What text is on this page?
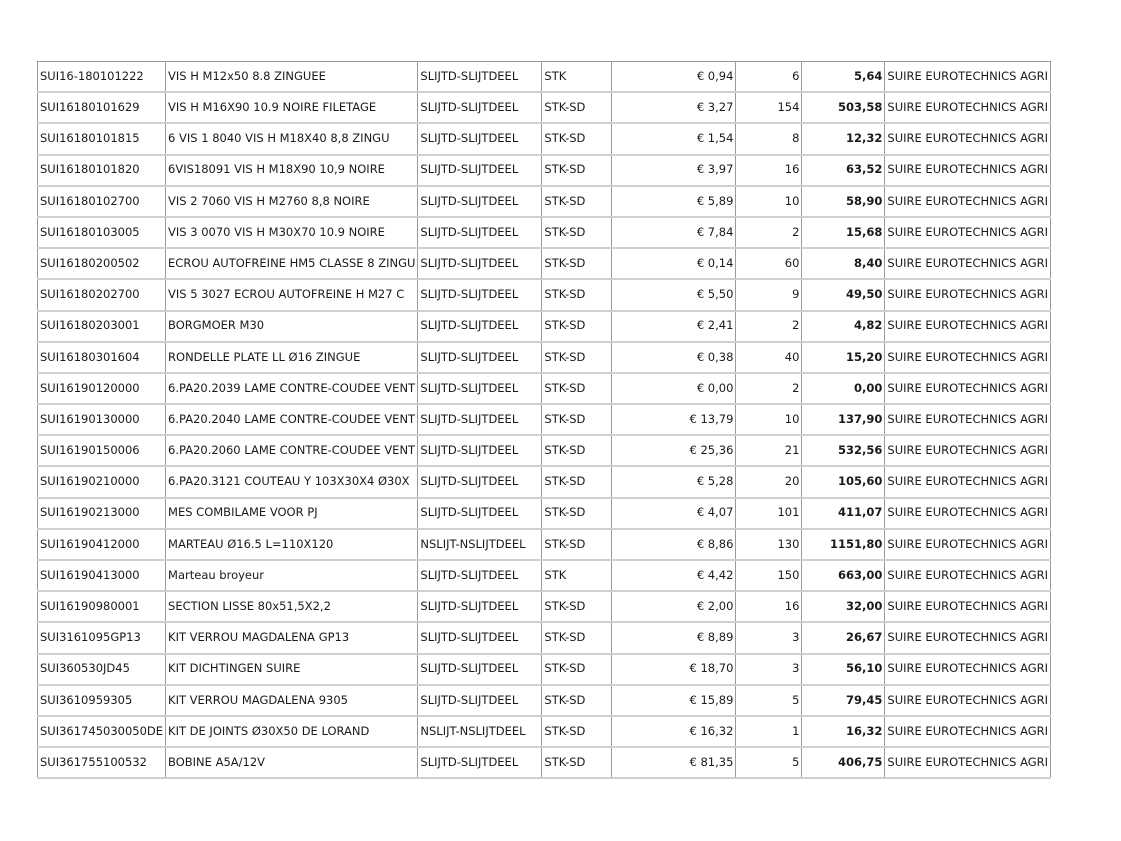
SUI16-180101222	VIS H M12x50 8.8 ZINGUEE	SLIJTD-SLIJTDEEL	STK	€ 0,94	6	5,64	SUIRE EUROTECHNICS AGRI
SUI16180101629	VIS H M16X90 10.9 NOIRE FILETAGE	SLIJTD-SLIJTDEEL	STK-SD	€ 3,27	154	503,58	SUIRE EUROTECHNICS AGRI
SUI16180101815	6 VIS 1 8040 VIS H M18X40 8,8 ZINGU	SLIJTD-SLIJTDEEL	STK-SD	€ 1,54	8	12,32	SUIRE EUROTECHNICS AGRI
SUI16180101820	6VIS18091 VIS H M18X90 10,9 NOIRE	SLIJTD-SLIJTDEEL	STK-SD	€ 3,97	16	63,52	SUIRE EUROTECHNICS AGRI
SUI16180102700	VIS 2 7060 VIS H M2760 8,8 NOIRE	SLIJTD-SLIJTDEEL	STK-SD	€ 5,89	10	58,90	SUIRE EUROTECHNICS AGRI
SUI16180103005	VIS 3 0070 VIS H M30X70 10.9 NOIRE	SLIJTD-SLIJTDEEL	STK-SD	€ 7,84	2	15,68	SUIRE EUROTECHNICS AGRI
SUI16180200502	ECROU AUTOFREINE HM5 CLASSE 8 ZINGU	SLIJTD-SLIJTDEEL	STK-SD	€ 0,14	60	8,40	SUIRE EUROTECHNICS AGRI
SUI16180202700	VIS 5 3027 ECROU AUTOFREINE H M27 C	SLIJTD-SLIJTDEEL	STK-SD	€ 5,50	9	49,50	SUIRE EUROTECHNICS AGRI
SUI16180203001	BORGMOER M30	SLIJTD-SLIJTDEEL	STK-SD	€ 2,41	2	4,82	SUIRE EUROTECHNICS AGRI
SUI16180301604	RONDELLE PLATE LL Ø16 ZINGUE	SLIJTD-SLIJTDEEL	STK-SD	€ 0,38	40	15,20	SUIRE EUROTECHNICS AGRI
SUI16190120000	6.PA20.2039 LAME CONTRE-COUDEE VENT	SLIJTD-SLIJTDEEL	STK-SD	€ 0,00	2	0,00	SUIRE EUROTECHNICS AGRI
SUI16190130000	6.PA20.2040 LAME CONTRE-COUDEE VENT	SLIJTD-SLIJTDEEL	STK-SD	€ 13,79	10	137,90	SUIRE EUROTECHNICS AGRI
SUI16190150006	6.PA20.2060 LAME CONTRE-COUDEE VENT	SLIJTD-SLIJTDEEL	STK-SD	€ 25,36	21	532,56	SUIRE EUROTECHNICS AGRI
SUI16190210000	6.PA20.3121 COUTEAU Y 103X30X4 Ø30X	SLIJTD-SLIJTDEEL	STK-SD	€ 5,28	20	105,60	SUIRE EUROTECHNICS AGRI
SUI16190213000	MES COMBILAME VOOR PJ	SLIJTD-SLIJTDEEL	STK-SD	€ 4,07	101	411,07	SUIRE EUROTECHNICS AGRI
SUI16190412000	MARTEAU Ø16.5 L=110X120	NSLIJT-NSLIJTDEEL	STK-SD	€ 8,86	130	1151,80	SUIRE EUROTECHNICS AGRI
SUI16190413000	Marteau broyeur	SLIJTD-SLIJTDEEL	STK	€ 4,42	150	663,00	SUIRE EUROTECHNICS AGRI
SUI16190980001	SECTION LISSE 80x51,5X2,2	SLIJTD-SLIJTDEEL	STK-SD	€ 2,00	16	32,00	SUIRE EUROTECHNICS AGRI
SUI3161095GP13	KIT VERROU MAGDALENA GP13	SLIJTD-SLIJTDEEL	STK-SD	€ 8,89	3	26,67	SUIRE EUROTECHNICS AGRI
SUI360530JD45	KIT DICHTINGEN SUIRE	SLIJTD-SLIJTDEEL	STK-SD	€ 18,70	3	56,10	SUIRE EUROTECHNICS AGRI
SUI3610959305	KIT VERROU MAGDALENA 9305	SLIJTD-SLIJTDEEL	STK-SD	€ 15,89	5	79,45	SUIRE EUROTECHNICS AGRI
SUI361745030050DE	KIT DE JOINTS Ø30X50 DE LORAND	NSLIJT-NSLIJTDEEL	STK-SD	€ 16,32	1	16,32	SUIRE EUROTECHNICS AGRI
SUI361755100532	BOBINE A5A/12V	SLIJTD-SLIJTDEEL	STK-SD	€ 81,35	5	406,75	SUIRE EUROTECHNICS AGRI
